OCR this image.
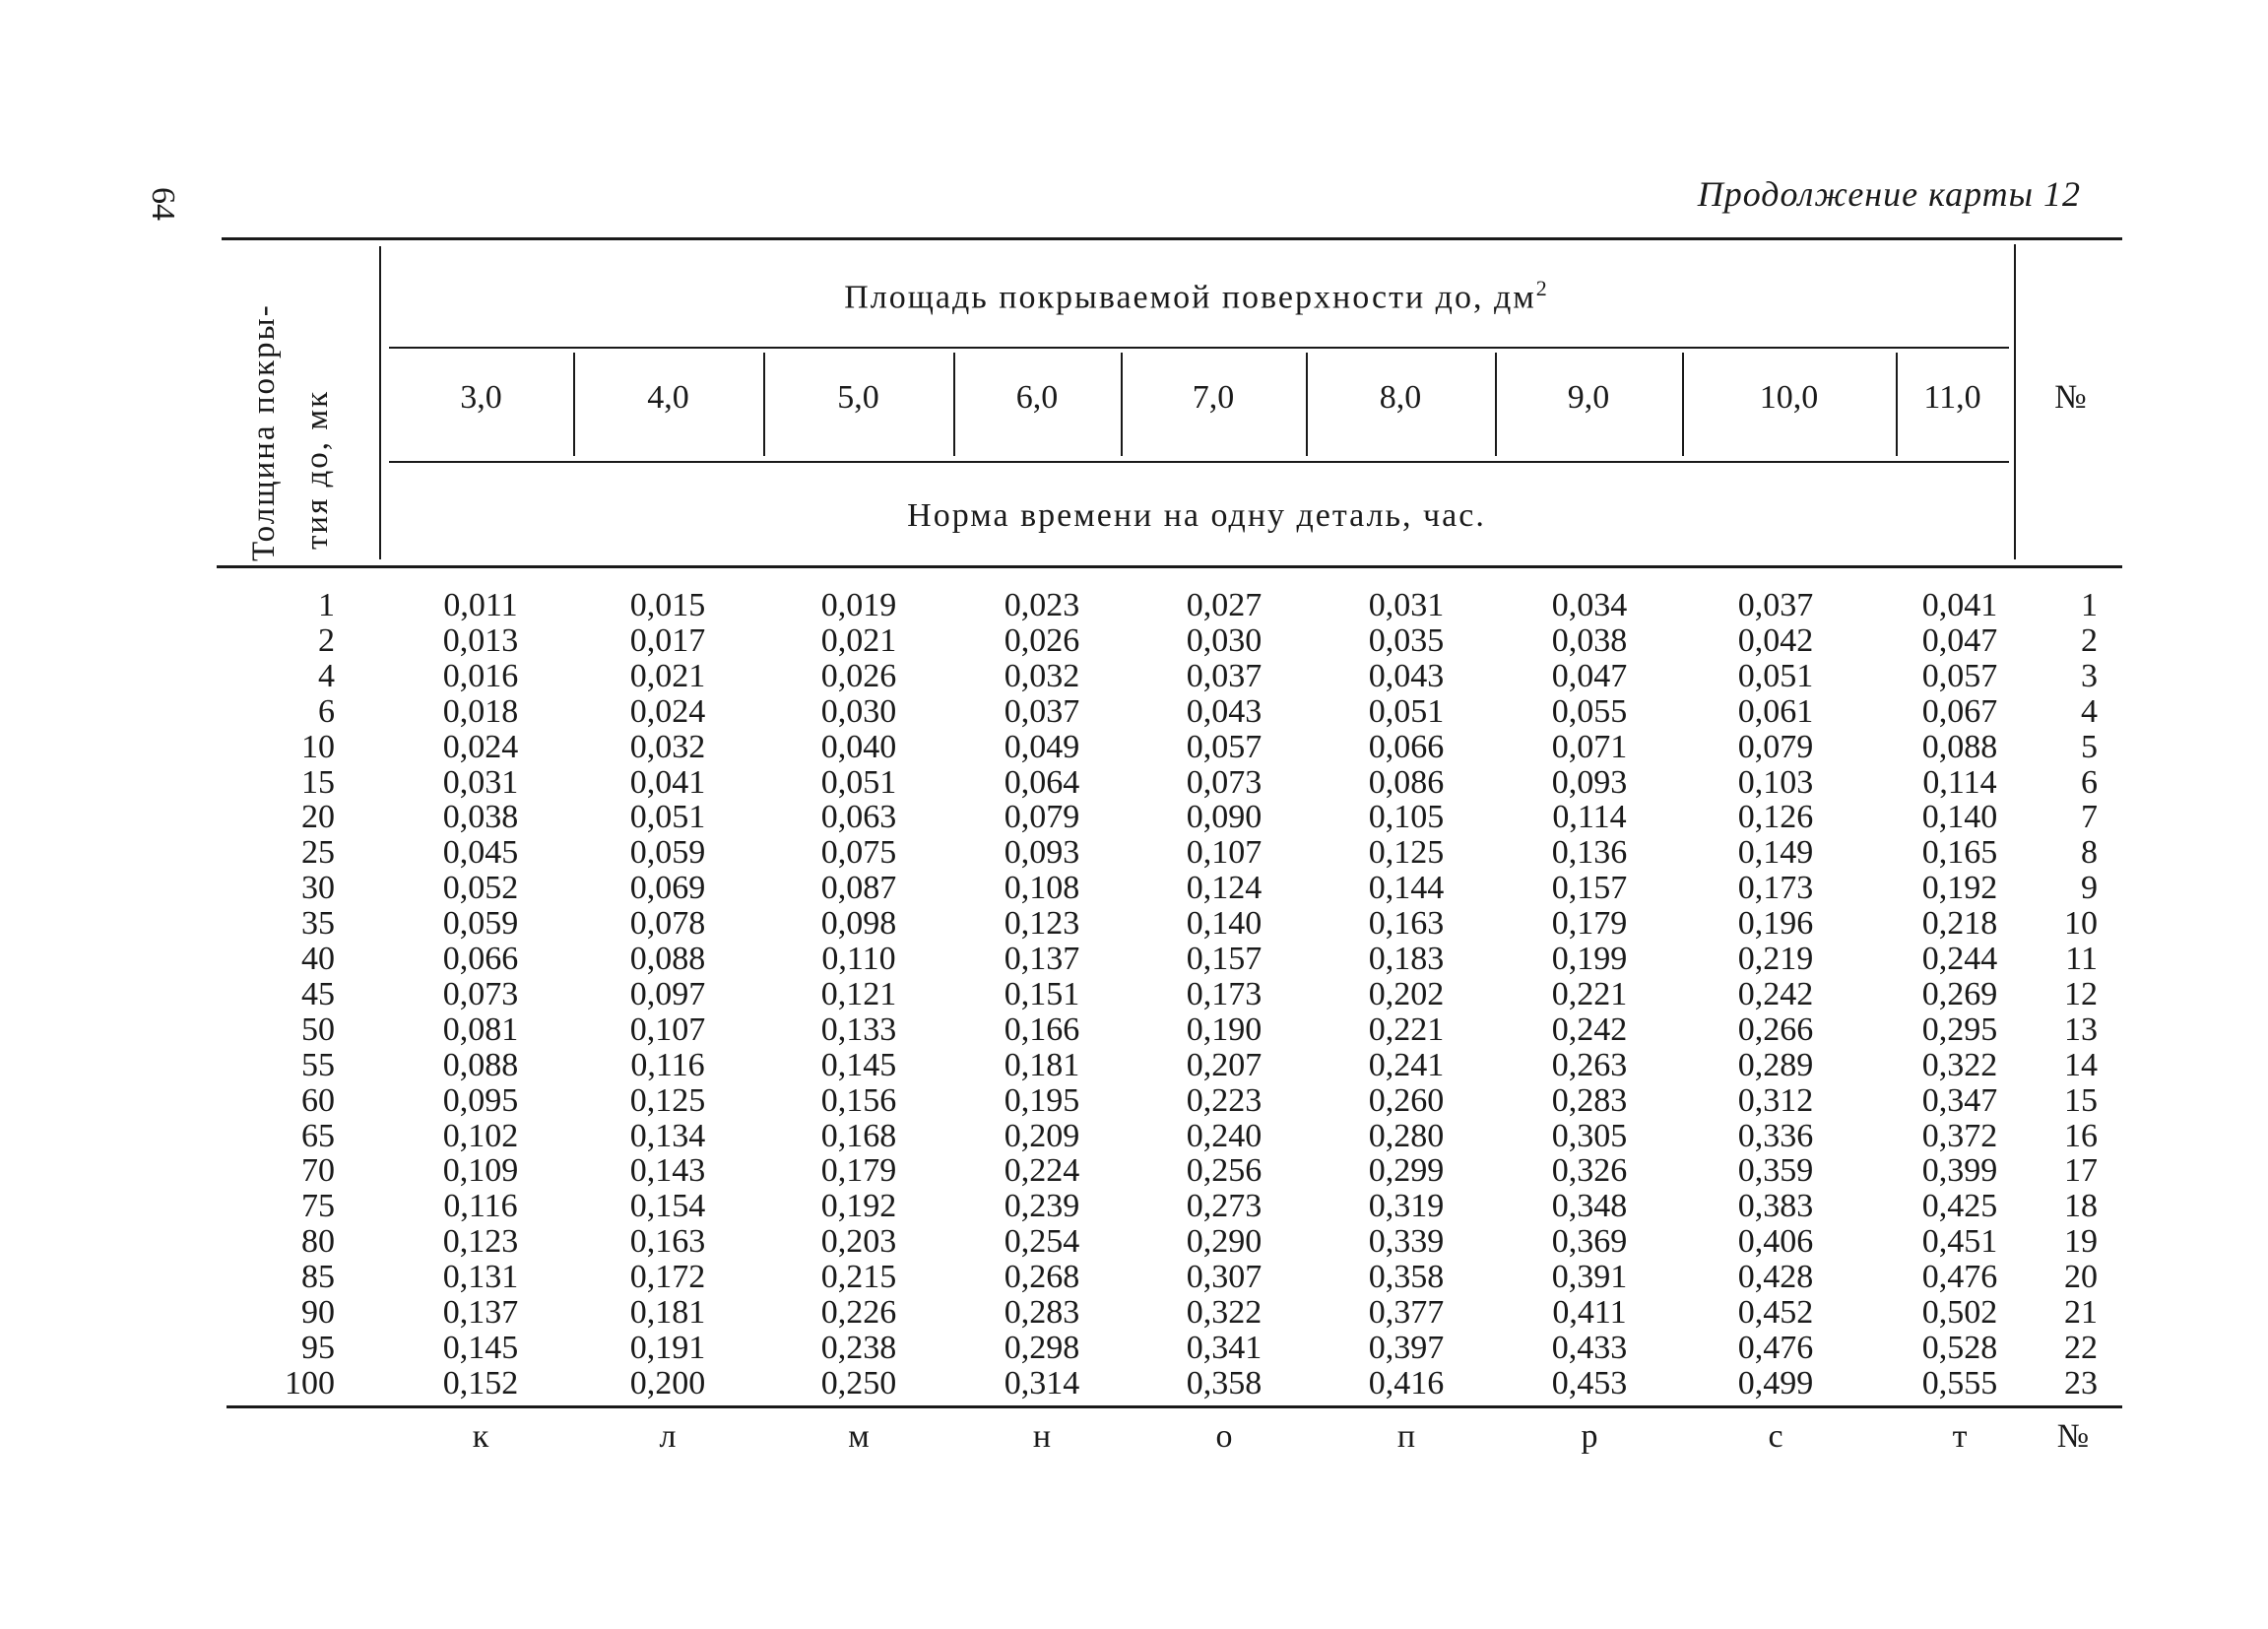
64	Продолжение карты 12
Толщина покры- тия до, мк
Площадь покрываемой поверхности до, $дм^2$
3,0	4,0	5,0	6,0	7,0	8,0	9,0	10,0	11,0	№
Норма времени на одну деталь, час.
1	0,011	0,015	0,019	0,023	0,027	0,031	0,034	0,037	0,041	1
2	0,013	0,017	0,021	0,026	0,030	0,035	0,038	0,042	0,047	2
4	0,016	0,021	0,026	0,032	0,037	0,043	0,047	0,051	0,057	3
6	0,018	0,024	0,030	0,037	0,043	0,051	0,055	0,061	0,067	4
10	0,024	0,032	0,040	0,049	0,057	0,066	0,071	0,079	0,088	5
15	0,031	0,041	0,051	0,064	0,073	0,086	0,093	0,103	0,114	6
20	0,038	0,051	0,063	0,079	0,090	0,105	0,114	0,126	0,140	7
25	0,045	0,059	0,075	0,093	0,107	0,125	0,136	0,149	0,165	8
30	0,052	0,069	0,087	0,108	0,124	0,144	0,157	0,173	0,192	9
35	0,059	0,078	0,098	0,123	0,140	0,163	0,179	0,196	0,218	10
40	0,066	0,088	0,110	0,137	0,157	0,183	0,199	0,219	0,244	11
45	0,073	0,097	0,121	0,151	0,173	0,202	0,221	0,242	0,269	12
50	0,081	0,107	0,133	0,166	0,190	0,221	0,242	0,266	0,295	13
55	0,088	0,116	0,145	0,181	0,207	0,241	0,263	0,289	0,322	14
60	0,095	0,125	0,156	0,195	0,223	0,260	0,283	0,312	0,347	15
65	0,102	0,134	0,168	0,209	0,240	0,280	0,305	0,336	0,372	16
70	0,109	0,143	0,179	0,224	0,256	0,299	0,326	0,359	0,399	17
75	0,116	0,154	0,192	0,239	0,273	0,319	0,348	0,383	0,425	18
80	0,123	0,163	0,203	0,254	0,290	0,339	0,369	0,406	0,451	19
85	0,131	0,172	0,215	0,268	0,307	0,358	0,391	0,428	0,476	20
90	0,137	0,181	0,226	0,283	0,322	0,377	0,411	0,452	0,502	21
95	0,145	0,191	0,238	0,298	0,341	0,397	0,433	0,476	0,528	22
100	0,152	0,200	0,250	0,314	0,358	0,416	0,453	0,499	0,555	23
к	л	м	н	о	п	р	с	т	№
